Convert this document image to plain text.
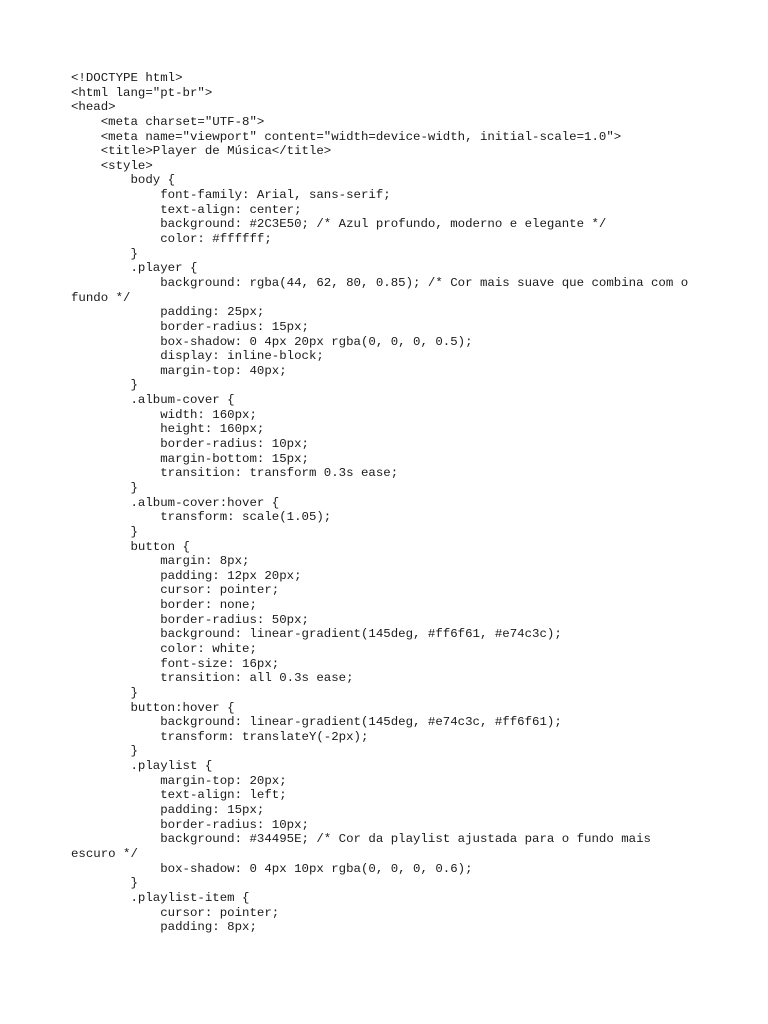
<!DOCTYPE html>
<html lang="pt-br">
<head>
<meta charset="UTF-8">
<meta name="viewport" content="width=device-width, initial-scale=1.0">
<title>Player de Música</title>
<style>
body {
font-family: Arial, sans-serif;
text-align: center;
background: #2C3E50; /* Azul profundo, moderno e elegante */
color: #ffffff;
}
.player {
background: rgba(44, 62, 80, 0.85); /* Cor mais suave que combina com o
fundo */
padding: 25px;
border-radius: 15px;
box-shadow: 0 4px 20px rgba(0, 0, 0, 0.5);
display: inline-block;
margin-top: 40px;
}
.album-cover {
width: 160px;
height: 160px;
border-radius: 10px;
margin-bottom: 15px;
transition: transform 0.3s ease;
}
.album-cover:hover {
transform: scale(1.05);
}
button {
margin: 8px;
padding: 12px 20px;
cursor: pointer;
border: none;
border-radius: 50px;
background: linear-gradient(145deg, #ff6f61, #e74c3c);
color: white;
font-size: 16px;
transition: all 0.3s ease;
}
button:hover {
background: linear-gradient(145deg, #e74c3c, #ff6f61);
transform: translateY(-2px);
}
.playlist {
margin-top: 20px;
text-align: left;
padding: 15px;
border-radius: 10px;
background: #34495E; /* Cor da playlist ajustada para o fundo mais
escuro */
box-shadow: 0 4px 10px rgba(0, 0, 0, 0.6);
}
.playlist-item {
cursor: pointer;
padding: 8px;
